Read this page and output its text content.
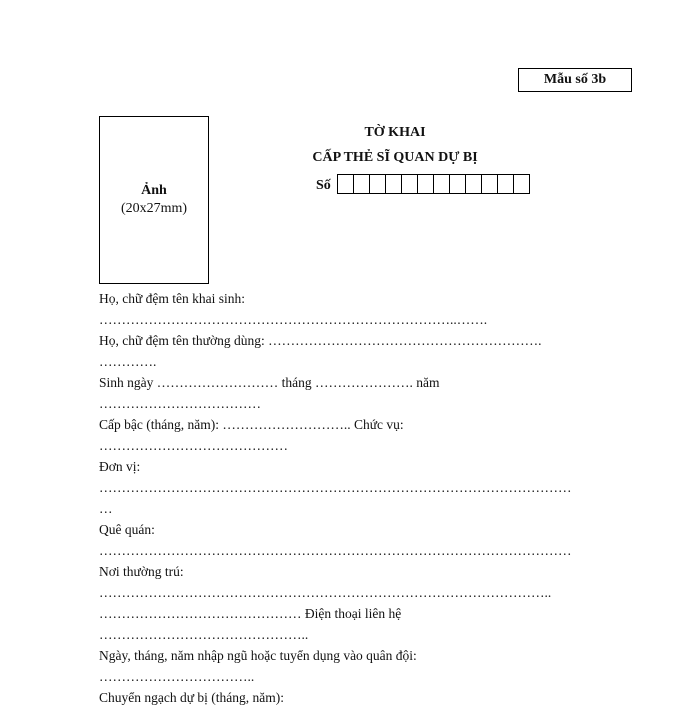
Mẫu số 3b
Ảnh
(20x27mm)
TỜ KHAI
CẤP THẺ SĨ QUAN DỰ BỊ
Số

Họ, chữ đệm tên khai sinh:

……………………………………………………………………..…….

Họ, chữ đệm tên thường dùng: …………………………………………………….

………….

Sinh ngày ……………………… tháng …………………. năm

………………………………

Cấp bậc (tháng, năm): ……………………….. Chức vụ:

……………………………………

Đơn vị:

……………………………………………………………………………………………

…

Quê quán:

……………………………………………………………………………………………

Nơi thường trú:

………………………………………………………………………………………..

……………………………………… Điện thoại liên hệ

………………………………………..

Ngày, tháng, năm nhập ngũ hoặc tuyển dụng vào quân đội:

……………………………..

Chuyển ngạch dự bị (tháng, năm):
